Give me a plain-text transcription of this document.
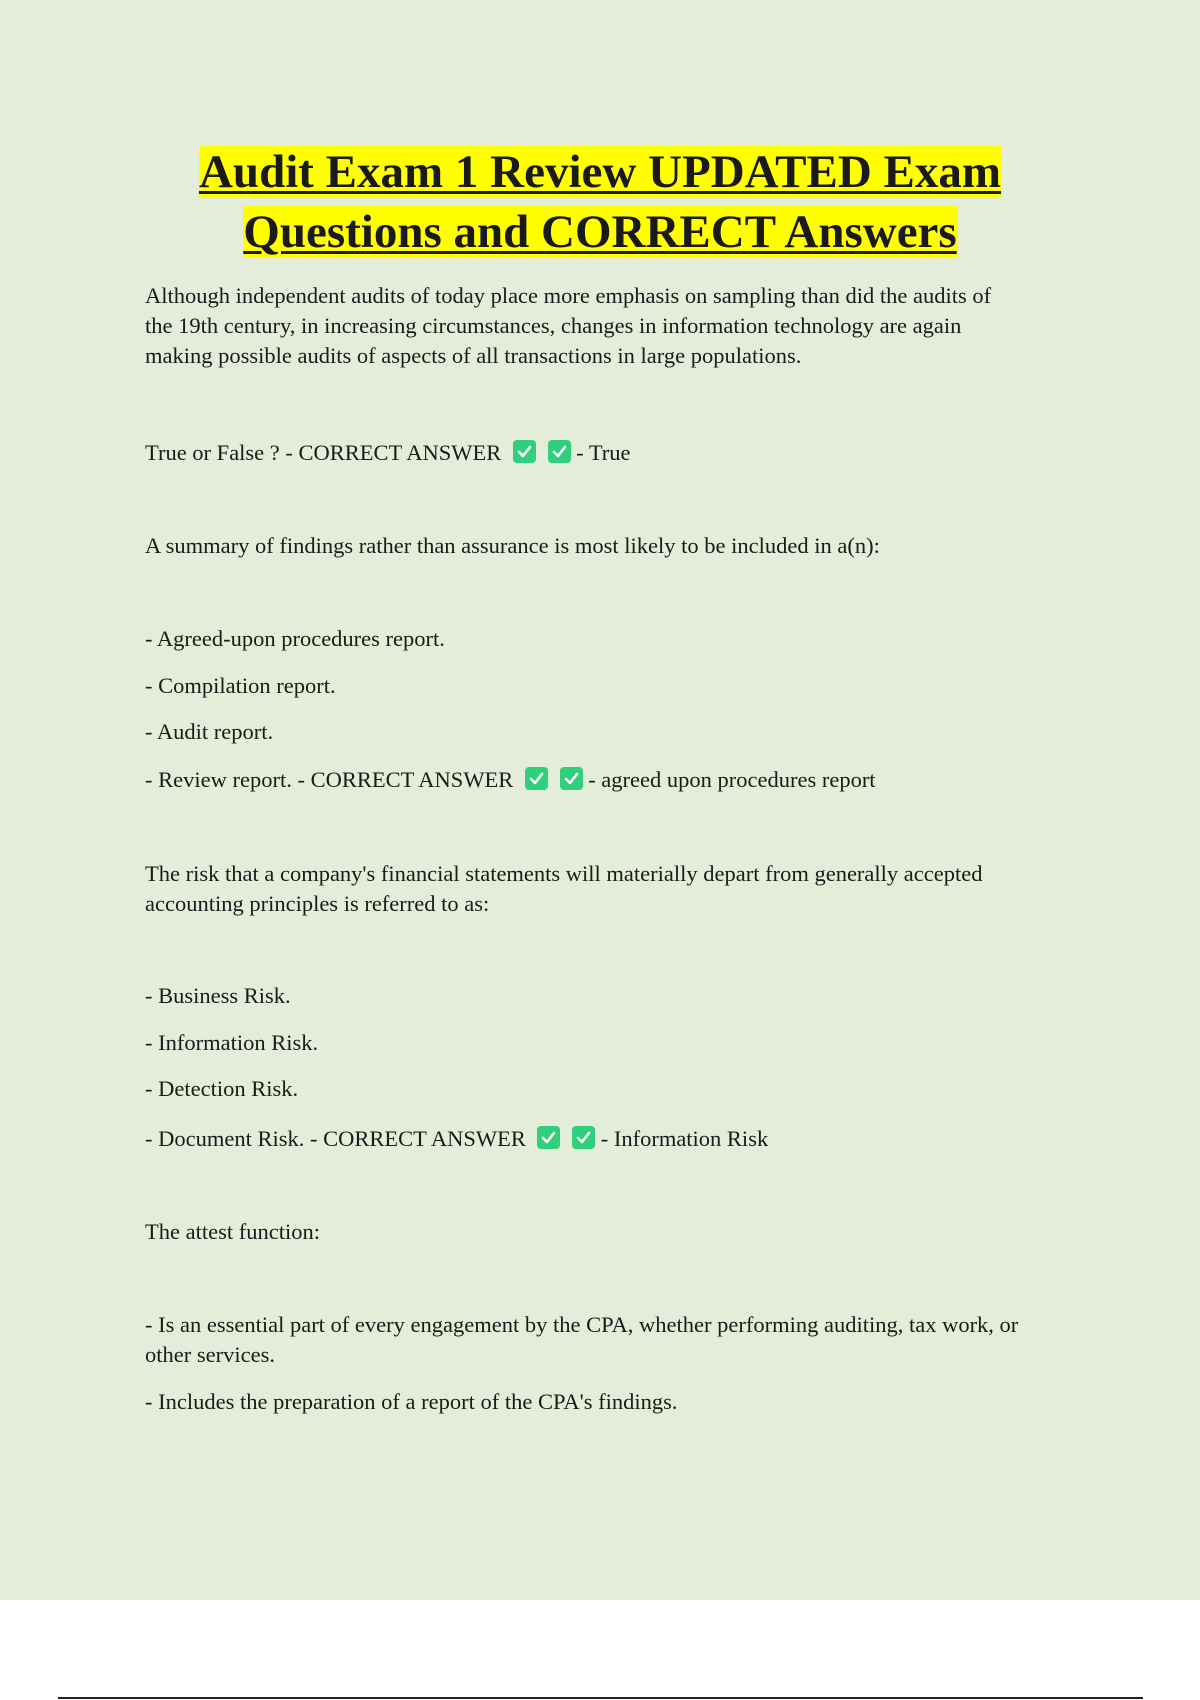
Audit Exam 1 Review UPDATED Exam
Questions and CORRECT Answers
Although independent audits of today place more emphasis on sampling than did the audits of
the 19th century, in increasing circumstances, changes in information technology are again
making possible audits of aspects of all transactions in large populations.
True or False ? - CORRECT ANSWER
	- True
A summary of findings rather than assurance is most likely to be included in a(n):
- Agreed-upon procedures report.
- Compilation report.
- Audit report.
- Review report. - CORRECT ANSWER
	- agreed upon procedures report
The risk that a company's financial statements will materially depart from generally accepted
accounting principles is referred to as:
- Business Risk.
- Information Risk.
- Detection Risk.
- Document Risk. - CORRECT ANSWER
	- Information Risk
The attest function:
- Is an essential part of every engagement by the CPA, whether performing auditing, tax work, or
other services.
- Includes the preparation of a report of the CPA's findings.
